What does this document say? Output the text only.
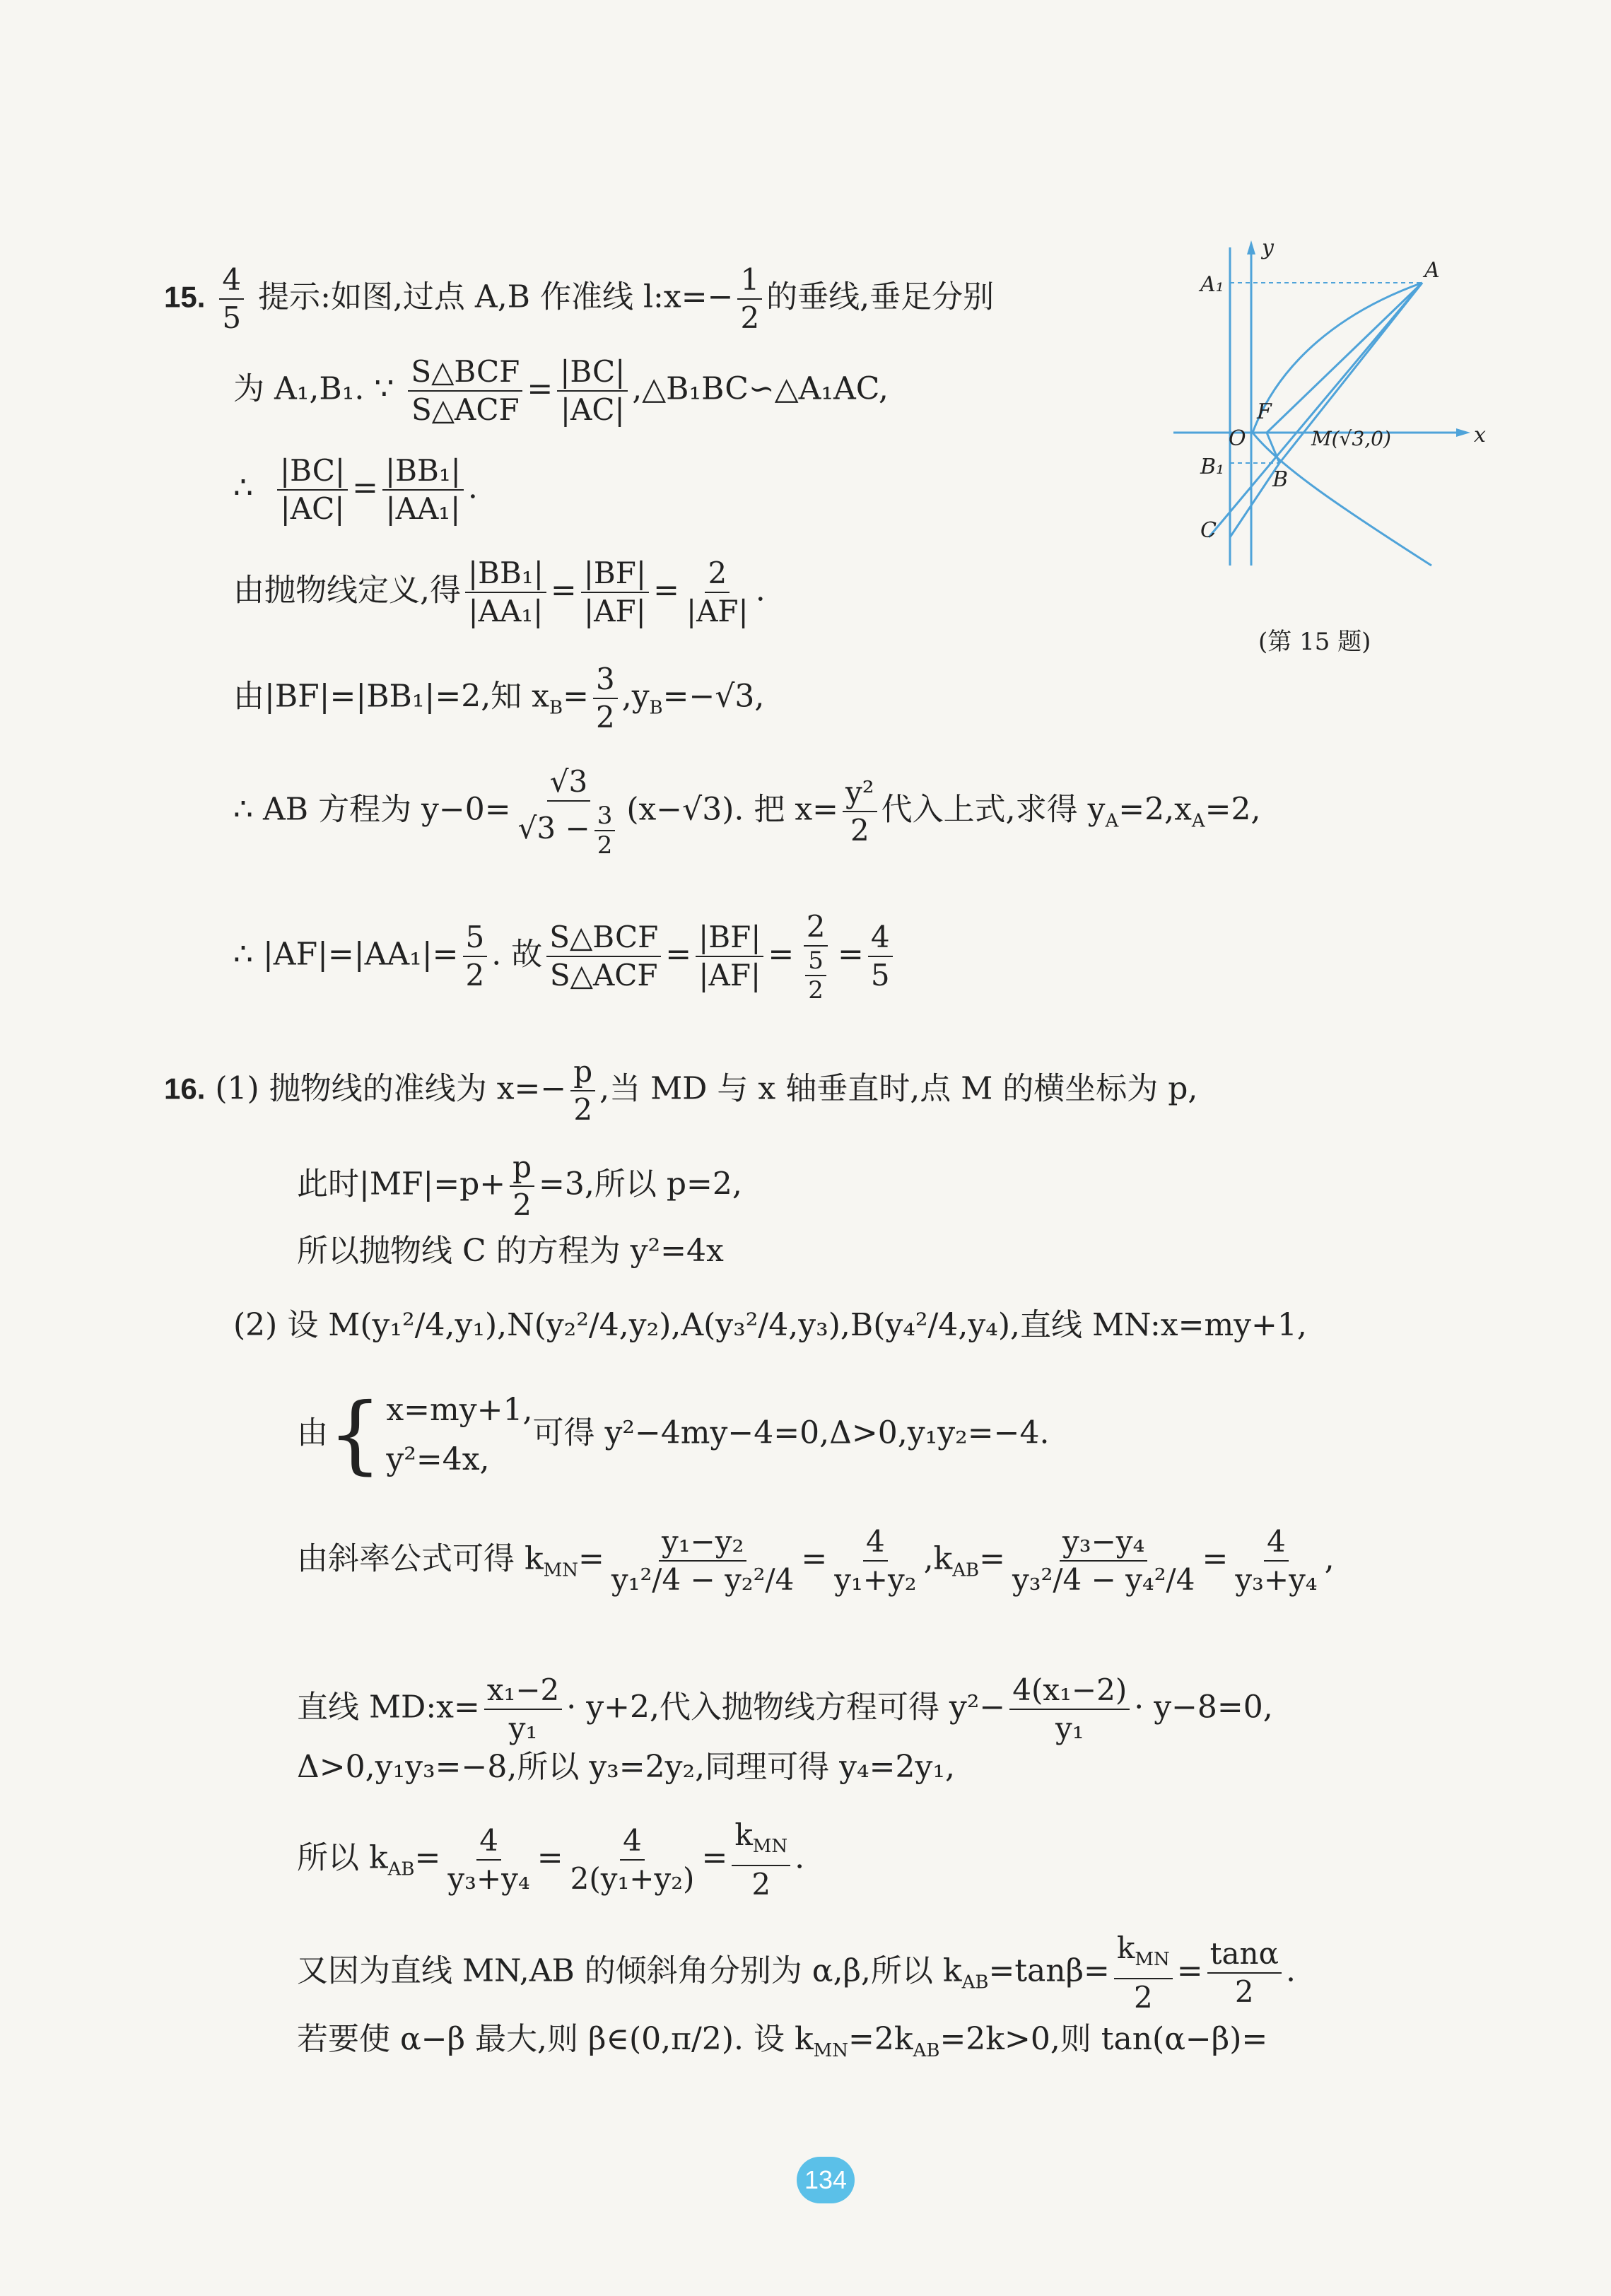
15. $\frac{4}{5}$ 提示:如图,过点 A,B 作准线 l:x=− $\frac{1}{2}$ 的垂线,垂足分别
为 A₁,B₁. ∵ $\frac{\text{S△BCF}}{\text{S△ACF}} = \frac{|BC|}{|AC|}$ ,△B₁BC∽△A₁AC,
∴ $\frac{|BC|}{|AC|} = \frac{\text{|BB₁|}}{\text{|AA₁|}}$ .
由抛物线定义,得 $\frac{\text{|BB₁|}}{\text{|AA₁|}} = \frac{|BF|}{|AF|} = \frac{2}{|AF|}$ .
由|BF|=|BB₁|=2,知 $x_B= \frac{3}{2} ,y_B=-√3$,
∴ AB 方程为 $y-0= \frac{√3}{√3 - \frac{3}{2}} (x-√3)$. 把 $x= \frac{\text{y²}}{2}$ 代入上式,求得 $y_A=2,x_A=2$,
∴ $|AF|=|AA_1|= \frac{5}{2}$ . 故 $\frac{\text{S△BCF}}{\text{S△ACF}} = \frac{|BF|}{|AF|} = \frac{2}{\frac{5}{2}} = \frac{4}{5}$
y
x
A
A₁
F
O	M(√3,0)
B₁
B
C
(第 15 题)
16. (1) 抛物线的准线为 $x=- \frac{p}{2}$ ,当 MD 与 x 轴垂直时,点 M 的横坐标为 p,
此时$|MF|=p+ \frac{p}{2} =3$,所以 p=2,
所以抛物线 C 的方程为 y²=4x
(2) 设 M(y₁²/4,y₁),N(y₂²/4,y₂),A(y₃²/4,y₃),B(y₄²/4,y₄),直线 MN:x=my+1,
由{ x=my+1,
y²=4x,
可得 y²−4my−4=0,Δ>0,y₁y₂=−4.
由斜率公式可得 $k_{MN}= \frac{\text{y₁−y₂}}{\text{y₁²/4 − y₂²/4}} = \frac{4}{\text{y₁+y₂}} ,k_{AB}= \frac{\text{y₃−y₄}}{\text{y₃²/4 − y₄²/4}} = \frac{4}{\text{y₃+y₄}}$ ,
直线 MD:x= $\frac{\text{x₁−2}}{\text{y₁}} \cdot y+2$,代入抛物线方程可得 $y^2- \frac{\text{4(x₁−2)}}{\text{y₁}} \cdot y-8=0$,
Δ>0,y₁y₃=−8,所以 y₃=2y₂,同理可得 y₄=2y₁,
所以 $k_{AB}= \frac{4}{\text{y₃+y₄}} = \frac{4}{\text{2(y₁+y₂)}} = \frac{k_{MN}}{2}$ .
又因为直线 MN,AB 的倾斜角分别为 α,β,所以 $k_{AB}=\tan\beta= \frac{k_{MN}}{2} = \frac{\tan\alpha}{2}$ .
若要使 α−β 最大,则 β∈(0,π/2). 设 $k_{MN}=2k_{AB}=2k>0$,则 tan(α−β)=
134
